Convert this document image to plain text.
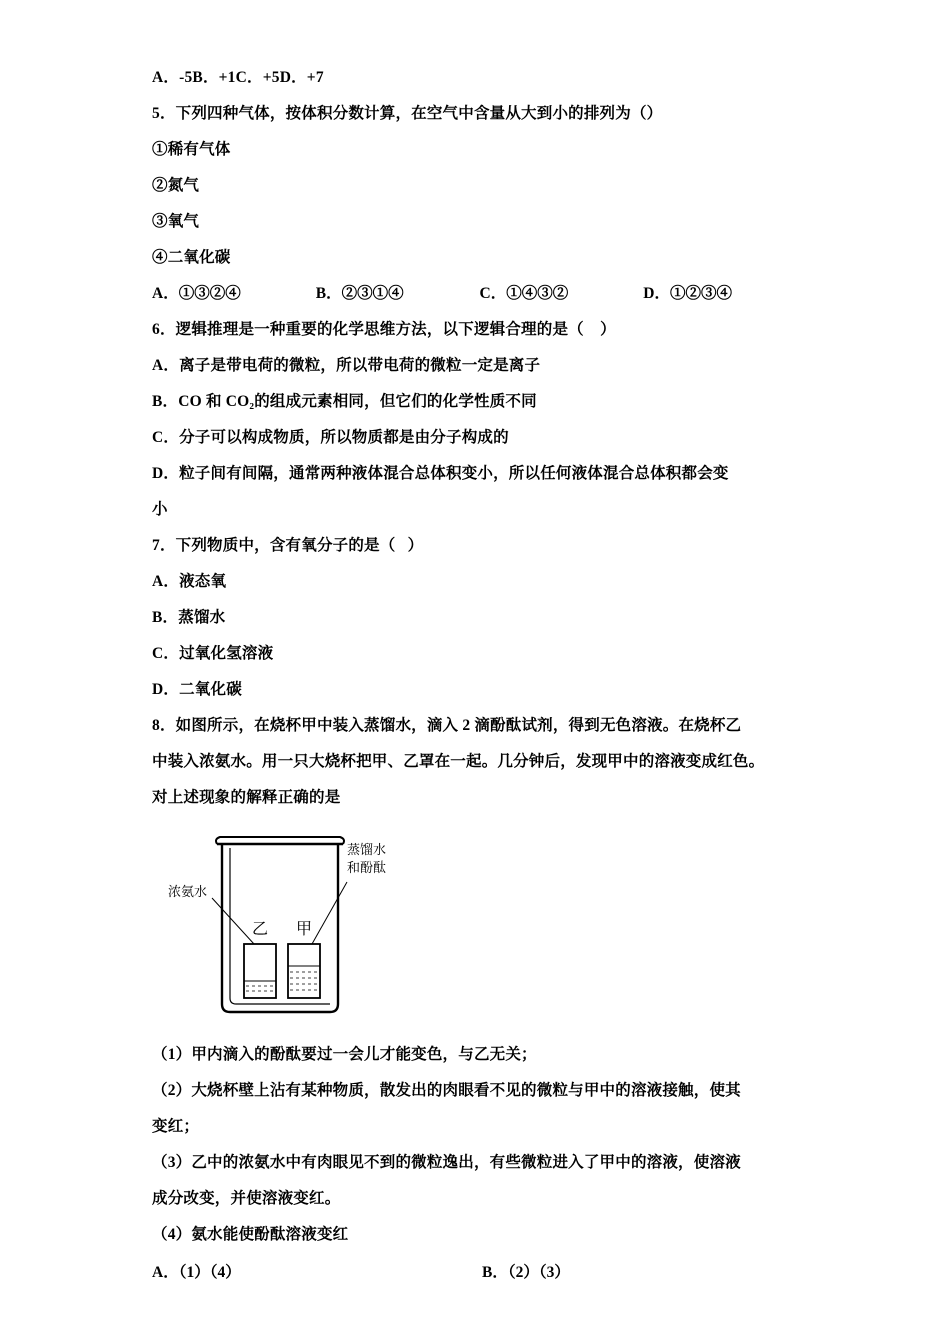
A．-5B．+1C．+5D．+7
5．下列四种气体，按体积分数计算，在空气中含量从大到小的排列为（）
①稀有气体
②氮气
③氧气
④二氧化碳
A．①③②④	B．②③①④	C．①④③②	D．①②③④
6．逻辑推理是一种重要的化学思维方法，以下逻辑合理的是（    ）
A．离子是带电荷的微粒，所以带电荷的微粒一定是离子
B．CO 和 CO₂的组成元素相同，但它们的化学性质不同
C．分子可以构成物质，所以物质都是由分子构成的
D．粒子间有间隔，通常两种液体混合总体积变小，所以任何液体混合总体积都会变
小
7．下列物质中，含有氧分子的是（   ）
A．液态氧
B．蒸馏水
C．过氧化氢溶液
D．二氧化碳
8．如图所示，在烧杯甲中装入蒸馏水，滴入 2 滴酚酞试剂，得到无色溶液。在烧杯乙
中装入浓氨水。用一只大烧杯把甲、乙罩在一起。几分钟后，发现甲中的溶液变成红色。
对上述现象的解释正确的是
浓氨水
蒸馏水
和酚酞
乙 甲
（1）甲内滴入的酚酞要过一会儿才能变色，与乙无关；
（2）大烧杯壁上沾有某种物质，散发出的肉眼看不见的微粒与甲中的溶液接触，使其
变红；
（3）乙中的浓氨水中有肉眼见不到的微粒逸出，有些微粒进入了甲中的溶液，使溶液
成分改变，并使溶液变红。
（4）氨水能使酚酞溶液变红
A．（1）（4）	B．（2）（3）
